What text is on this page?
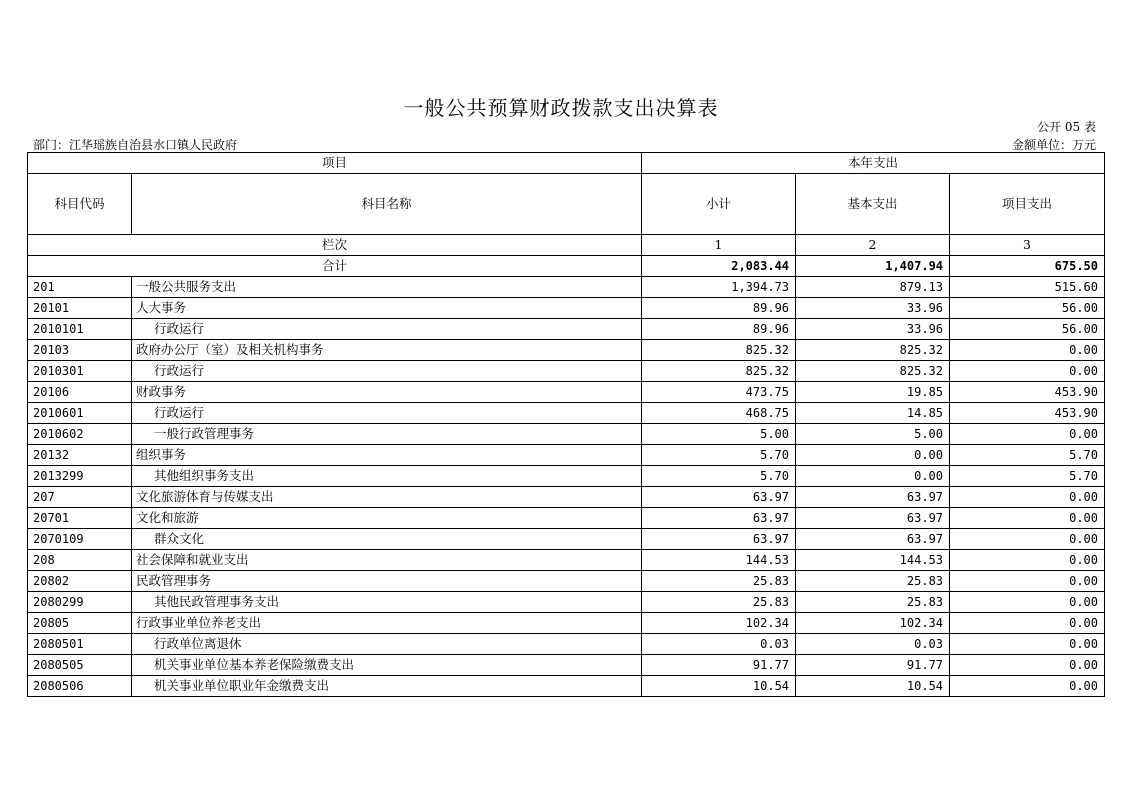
一般公共预算财政拨款支出决算表
公开 05 表
部门：江华瑶族自治县水口镇人民政府	金额单位：万元
项目		本年支出		
科目代码	科目名称	小计	基本支出	项目支出
栏次		1	2	3
合计		2,083.44	1,407.94	675.50
201	一般公共服务支出	1,394.73	879.13	515.60
20101	人大事务	89.96	33.96	56.00
2010101	行政运行	89.96	33.96	56.00
20103	政府办公厅（室）及相关机构事务	825.32	825.32	0.00
2010301	行政运行	825.32	825.32	0.00
20106	财政事务	473.75	19.85	453.90
2010601	行政运行	468.75	14.85	453.90
2010602	一般行政管理事务	5.00	5.00	0.00
20132	组织事务	5.70	0.00	5.70
2013299	其他组织事务支出	5.70	0.00	5.70
207	文化旅游体育与传媒支出	63.97	63.97	0.00
20701	文化和旅游	63.97	63.97	0.00
2070109	群众文化	63.97	63.97	0.00
208	社会保障和就业支出	144.53	144.53	0.00
20802	民政管理事务	25.83	25.83	0.00
2080299	其他民政管理事务支出	25.83	25.83	0.00
20805	行政事业单位养老支出	102.34	102.34	0.00
2080501	行政单位离退休	0.03	0.03	0.00
2080505	机关事业单位基本养老保险缴费支出	91.77	91.77	0.00
2080506	机关事业单位职业年金缴费支出	10.54	10.54	0.00
